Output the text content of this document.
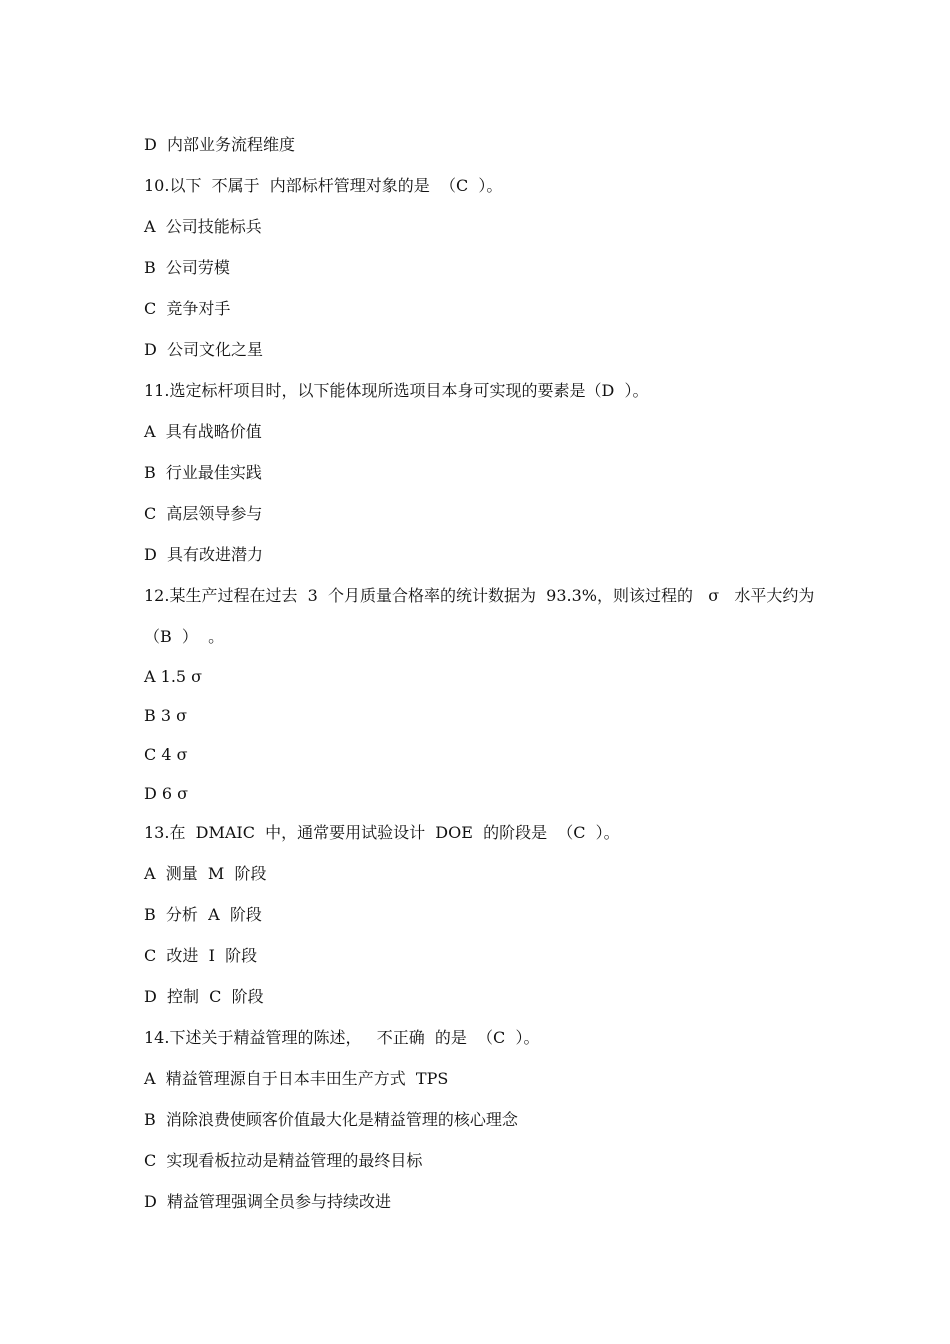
D  内部业务流程维度
10.以下  不属于  内部标杆管理对象的是  （C  ）。
A  公司技能标兵
B  公司劳模
C  竞争对手
D  公司文化之星
11.选定标杆项目时，以下能体现所选项目本身可实现的要素是（D  ）。
A  具有战略价值
B  行业最佳实践
C  高层领导参与
D  具有改进潜力
12.某生产过程在过去  3  个月质量合格率的统计数据为  93.3%，则该过程的   σ   水平大约为
（B  ）  。
A 1.5 σ
B 3 σ
C 4 σ
D 6 σ
13.在  DMAIC  中，通常要用试验设计  DOE  的阶段是  （C  ）。
A  测量  M  阶段
B  分析  A  阶段
C  改进  I  阶段
D  控制  C  阶段
14.下述关于精益管理的陈述，   不正确  的是  （C  ）。
A  精益管理源自于日本丰田生产方式  TPS
B  消除浪费使顾客价值最大化是精益管理的核心理念
C  实现看板拉动是精益管理的最终目标
D  精益管理强调全员参与持续改进
